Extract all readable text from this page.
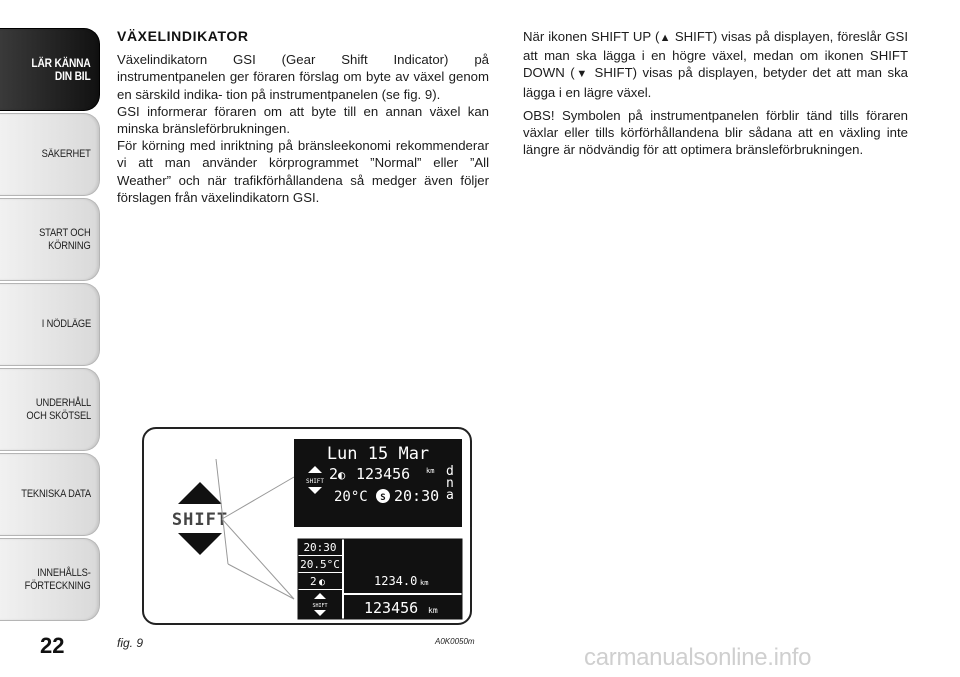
LÄR KÄNNA
DIN BIL
SÄKERHET
START OCH
KÖRNING
I NÖDLÄGE
UNDERHÅLL
OCH SKÖTSEL
TEKNISKA DATA
INNEHÅLLS-
FÖRTECKNING
22

VÄXELINDIKATOR

Växelindikatorn GSI (Gear Shift Indicator) på instrumentpanelen ger föraren förslag om byte av växel genom en särskild indika- tion på instrumentpanelen (se fig. 9).

GSI informerar föraren om att byte till en annan växel kan minska bränsleförbrukningen.

För körning med inriktning på bränsleekonomi rekommenderar vi att man använder körprogrammet ”Normal” eller ”All Weather” och när trafikförhållandena så medger även följer förslagen från växelindikatorn GSI.

När ikonen SHIFT UP (▲ SHIFT) visas på displayen, föreslår GSI att man ska lägga i en högre växel, medan om ikonen SHIFT DOWN (▼ SHIFT) visas på displayen, betyder det att man ska lägga i en lägre växel.

OBS! Symbolen på instrumentpanelen förblir tänd tills föraren växlar eller tills körförhållandena blir sådana att en växling inte längre är nödvändig för att optimera bränsleförbrukningen.

SHIFT
Lun 15 Mar
SHIFT 2 ◐ 123456 km d
n
a
20°C S 20:30
20:30
20.5°C
2 ◐
SHIFT
1234.0 km
123456 km
fig. 9	A0K0050m
carmanualsonline.info
